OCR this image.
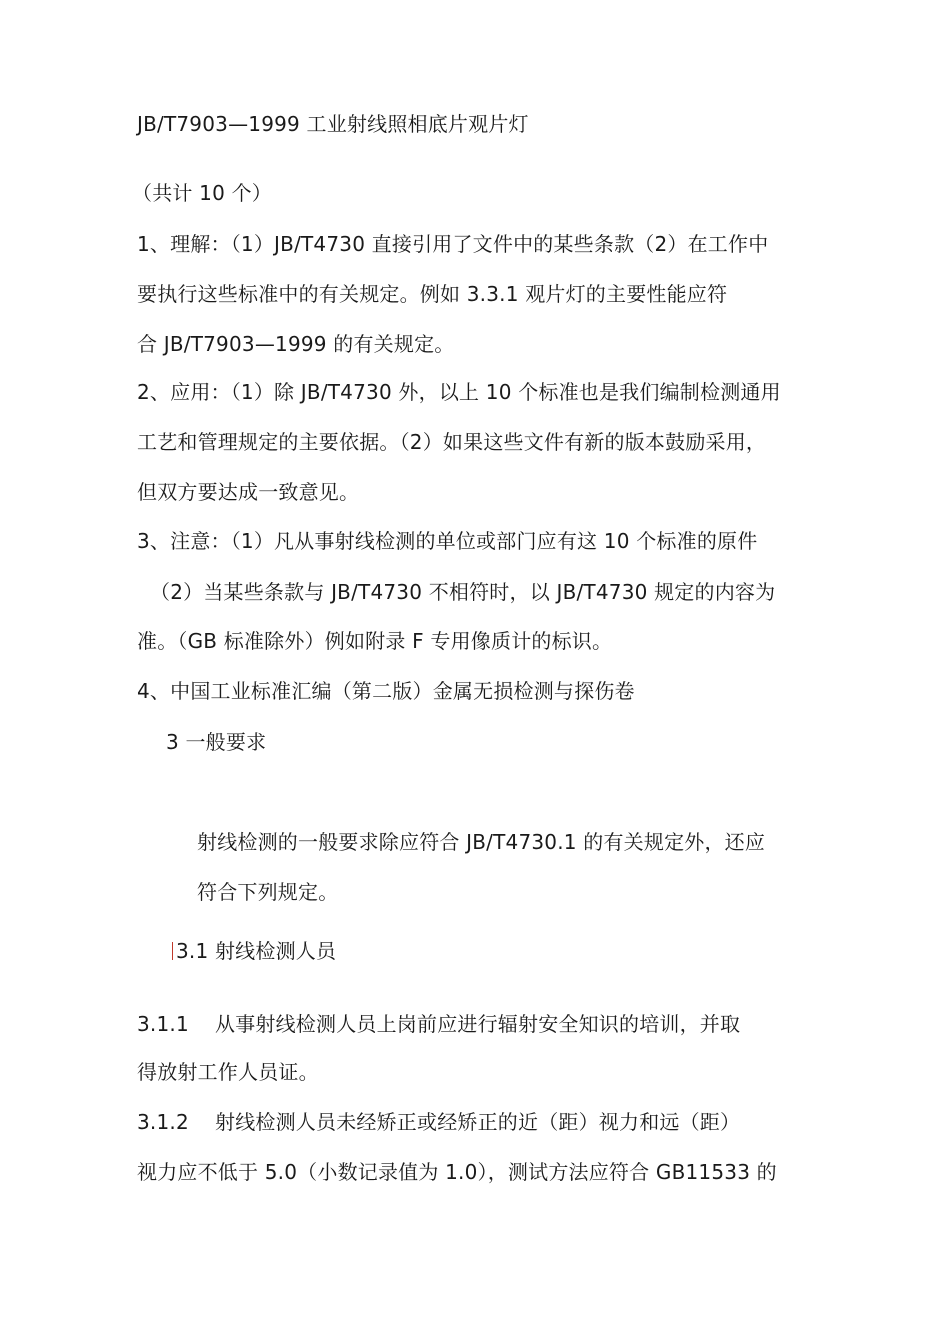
JB/T7903—1999 工业射线照相底片观片灯
（共计 10 个）
1、理解：（1）JB/T4730 直接引用了文件中的某些条款（2）在工作中
要执行这些标准中的有关规定。例如 3.3.1 观片灯的主要性能应符
合 JB/T7903—1999 的有关规定。
2、应用：（1）除 JB/T4730 外，以上 10 个标准也是我们编制检测通用
工艺和管理规定的主要依据。（2）如果这些文件有新的版本鼓励采用，
但双方要达成一致意见。
3、注意：（1）凡从事射线检测的单位或部门应有这 10 个标准的原件
（2）当某些条款与 JB/T4730 不相符时，以 JB/T4730 规定的内容为
准。（GB 标准除外）例如附录 F 专用像质计的标识。
4、中国工业标准汇编（第二版）金属无损检测与探伤卷
3 一般要求
射线检测的一般要求除应符合 JB/T4730.1 的有关规定外，还应
符合下列规定。
3.1 射线检测人员
3.1.1 从事射线检测人员上岗前应进行辐射安全知识的培训，并取
得放射工作人员证。
3.1.2 射线检测人员未经矫正或经矫正的近（距）视力和远（距）
视力应不低于 5.0（小数记录值为 1.0），测试方法应符合 GB11533 的
